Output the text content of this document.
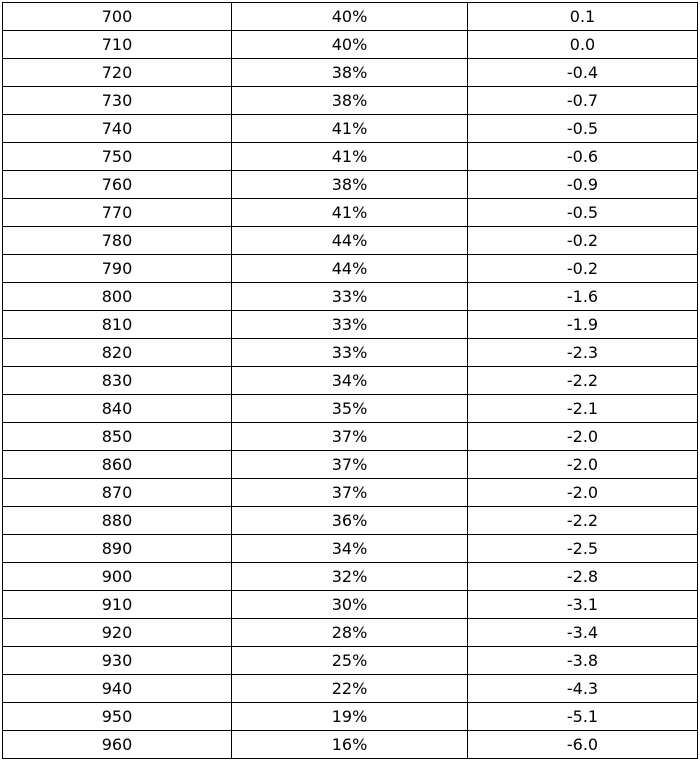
700	40%	0.1
710	40%	0.0
720	38%	-0.4
730	38%	-0.7
740	41%	-0.5
750	41%	-0.6
760	38%	-0.9
770	41%	-0.5
780	44%	-0.2
790	44%	-0.2
800	33%	-1.6
810	33%	-1.9
820	33%	-2.3
830	34%	-2.2
840	35%	-2.1
850	37%	-2.0
860	37%	-2.0
870	37%	-2.0
880	36%	-2.2
890	34%	-2.5
900	32%	-2.8
910	30%	-3.1
920	28%	-3.4
930	25%	-3.8
940	22%	-4.3
950	19%	-5.1
960	16%	-6.0
